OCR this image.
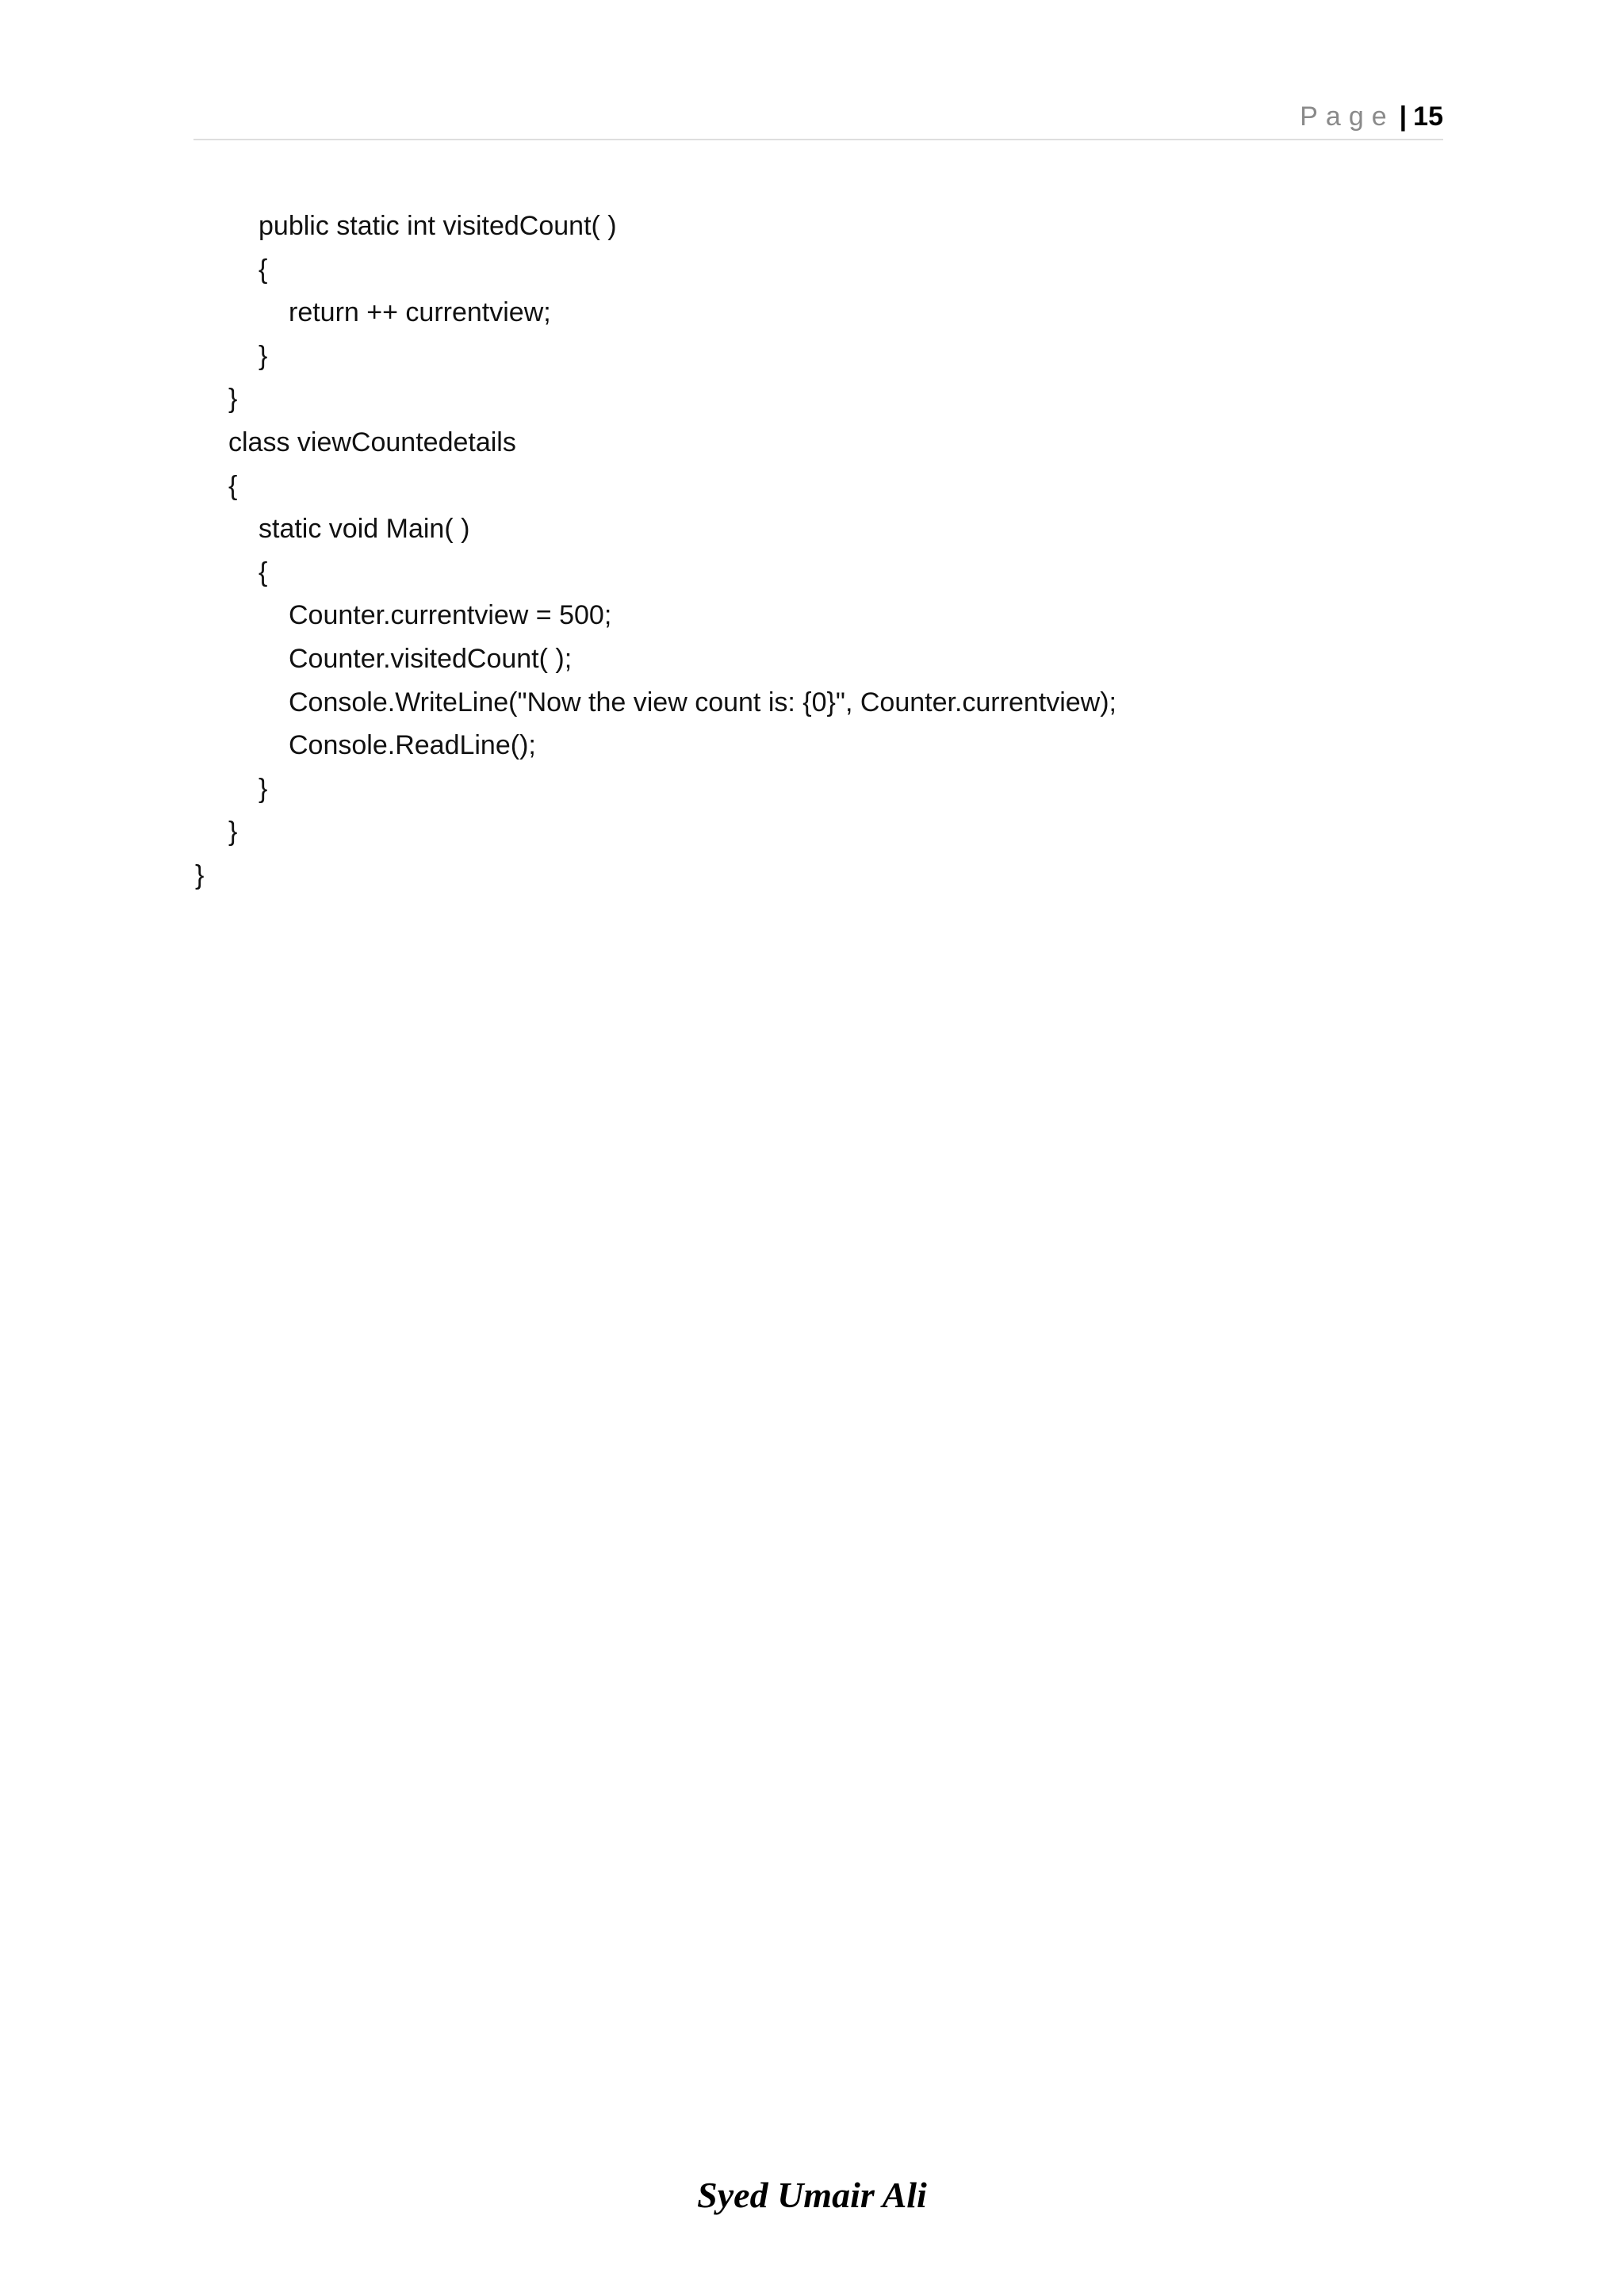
Page | 15
public static int visitedCount( )
{
return ++ currentview;
}
}
class viewCountedetails
{
static void Main( )
{
Counter.currentview = 500;
Counter.visitedCount( );
Console.WriteLine("Now the view count is: {0}", Counter.currentview);
Console.ReadLine();
}
}
}
Syed Umair Ali
